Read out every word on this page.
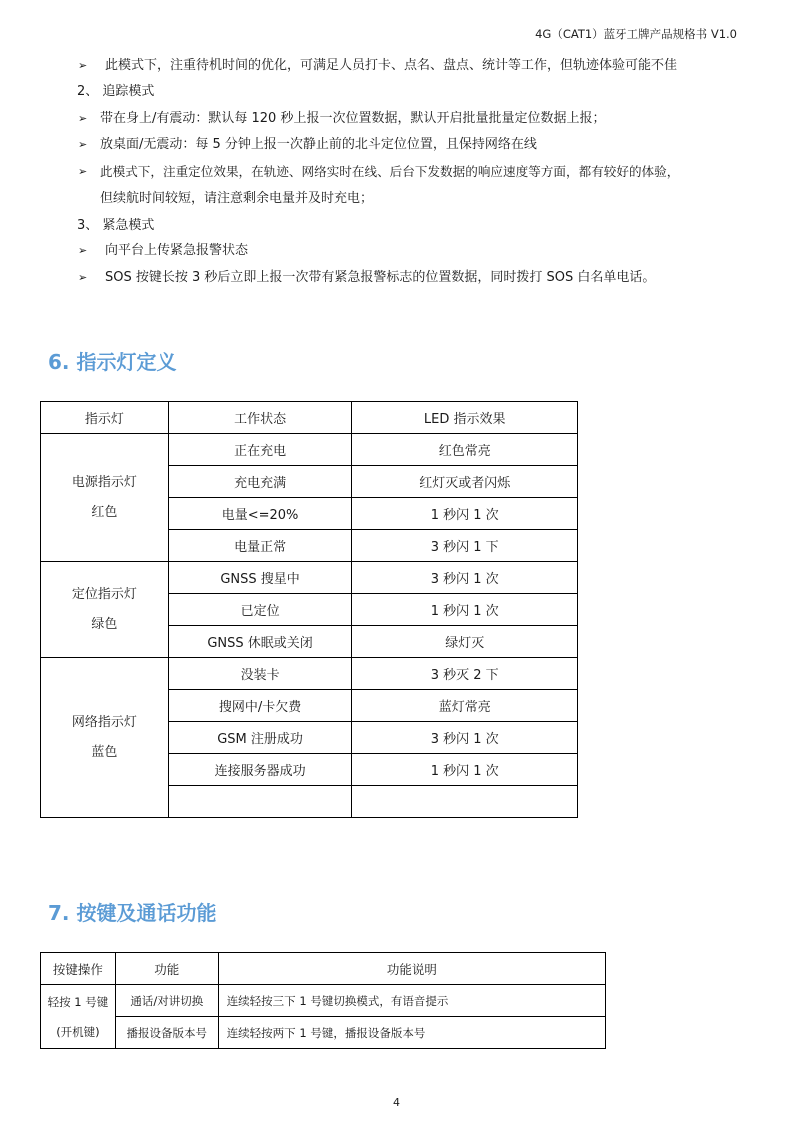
4G（CAT1）蓝牙工牌产品规格书 V1.0
➢ 此模式下，注重待机时间的优化，可满足人员打卡、点名、盘点、统计等工作，但轨迹体验可能不佳
2、 追踪模式
➢ 带在身上/有震动：默认每 120 秒上报一次位置数据，默认开启批量批量定位数据上报；
➢ 放桌面/无震动：每 5 分钟上报一次静止前的北斗定位位置，且保持网络在线
➢ 此模式下，注重定位效果，在轨迹、网络实时在线、后台下发数据的响应速度等方面，都有较好的体验，
但续航时间较短，请注意剩余电量并及时充电；
3、 紧急模式
➢ 向平台上传紧急报警状态
➢ SOS 按键长按 3 秒后立即上报一次带有紧急报警标志的位置数据，同时拨打 SOS 白名单电话。
6. 指示灯定义
指示灯	工作状态	LED 指示效果

电源指示灯
红色	正在充电	红色常亮
	充电充满	红灯灭或者闪烁
	电量<=20%	1 秒闪 1 次
	电量正常	3 秒闪 1 下

定位指示灯
绿色	GNSS 搜星中	3 秒闪 1 次
	已定位	1 秒闪 1 次
	GNSS 休眠或关闭	绿灯灭

网络指示灯
蓝色	没装卡	3 秒灭 2 下
	搜网中/卡欠费	蓝灯常亮
	GSM 注册成功	3 秒闪 1 次
	连接服务器成功	1 秒闪 1 次

7. 按键及通话功能
按键操作	功能	功能说明

轻按 1 号键
(开机键)	通话/对讲切换	连续轻按三下 1 号键切换模式，有语音提示
	播报设备版本号	连续轻按两下 1 号键，播报设备版本号
4
